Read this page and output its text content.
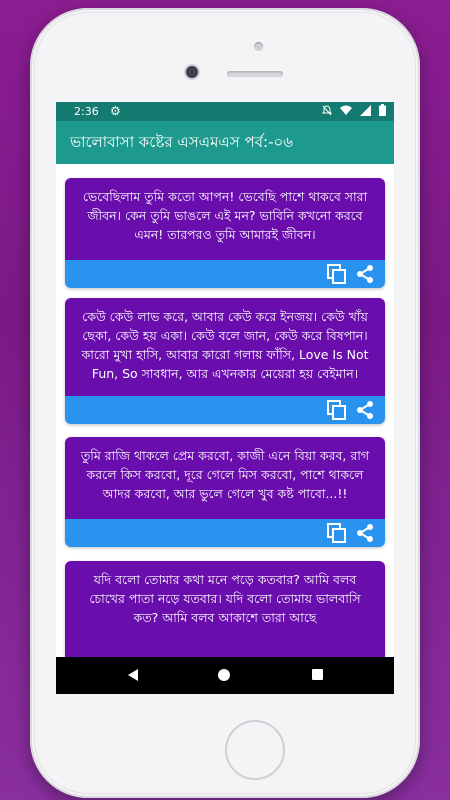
2:36 ⚙
ভালোবাসা কষ্টের এসএমএস পর্ব:-০৬
ভেবেছিলাম তুমি কতো আপন! ভেবেছি পাশে থাকবে সারা জীবন। কেন তুমি ভাঙলে এই মন? ভাবিনি কখনো করবে এমন! তারপরও তুমি আমারই জীবন।
কেউ কেউ লাভ করে, আবার কেউ করে ইনজয়। কেউ খাঁয় ছেকা, কেউ হয় একা। কেউ বলে জান, কেউ করে বিষপান। কারো মুখা হাসি, আবার কারো গলায় ফাঁসি, Love Is Not Fun, So সাবধান, আর এখনকার মেয়েরা হয় বেইমান।
তুমি রাজি থাকলে প্রেম করবো, কাজী এনে বিয়া করব, রাগ করলে কিস করবো, দূরে গেলে মিস করবো, পাশে থাকলে আদর করবো, আর ভুলে গেলে খুব কষ্ট পাবো...!!
যদি বলো তোমার কথা মনে পড়ে কতবার? আমি বলব চোখের পাতা নড়ে যতবার। যদি বলো তোমায় ভালবাসি কত? আমি বলব আকাশে তারা আছে
